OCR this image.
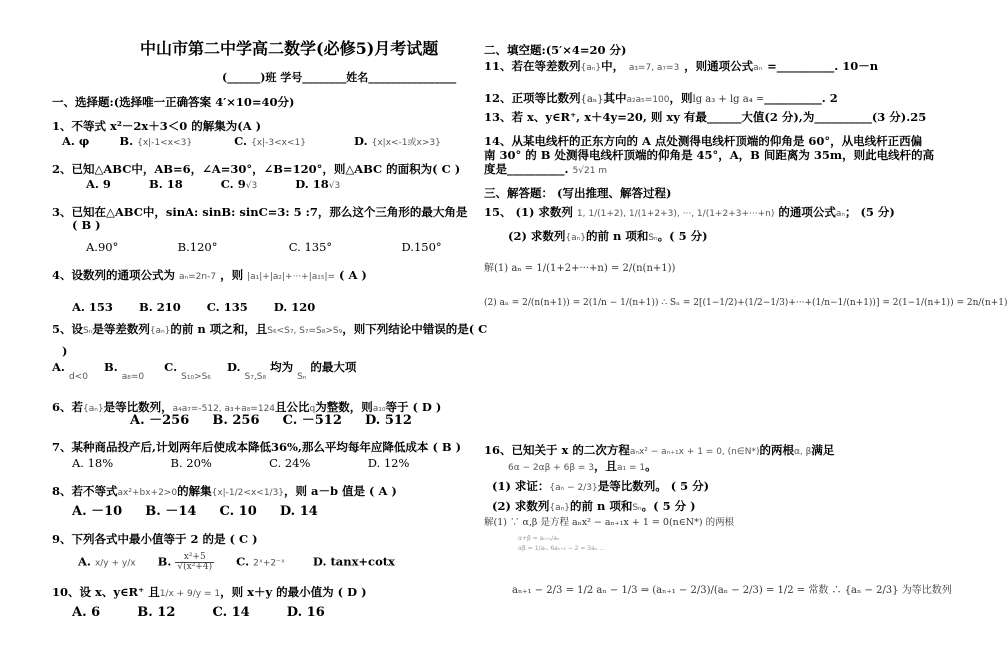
中山市第二中学高二数学(必修5)月考试题
(______)班 学号________姓名________________
一、选择题:(选择唯一正确答案 4′×10=40分)
1、不等式 x²－2x＋3＜0 的解集为(A )
A. φ	B. {x|-1<x<3}	C. {x|-3<x<1}	D. {x|x<-1或x>3}
2、已知△ABC中，AB=6，∠A=30°，∠B=120°，则△ABC 的面积为( C )
A. 9	B. 18	C. 9√3	D. 18√3
3、已知在△ABC中，sinA: sinB: sinC=3: 5 :7，那么这个三角形的最大角是
( B )
A.90°	B.120°	C. 135°	D.150°
4、设数列的通项公式为 aₙ=2n-7 ，则 |a₁|+|a₂|+···+|a₁₅|= ( A )
A. 153 B. 210 C. 135 D. 120
5、设Sₙ是等差数列{aₙ}的前 n 项之和，且S₆<S₇, S₇=S₈>S₉，则下列结论中错误的是( C
)
A. $_{d<0}$  B. $_{a_8=0}$  C. $_{S_{10}>S_6}$  D. $_{S_7,S_8}$ 均为 $_{S_n}$ 的最大项
6、若{aₙ}是等比数列，a₄a₇=-512, a₃+a₈=124且公比q为整数，则a₁₀等于 ( D )
A. －256 B. 256 C. －512 D. 512
7、某种商品投产后,计划两年后使成本降低36%,那么平均每年应降低成本 ( B )
A. 18%	B. 20%	C. 24%	D. 12%
8、若不等式ax²+bx+2>0的解集{x|-1/2<x<1/3}，则 a－b 值是 ( A )
A. －10 B. －14 C. 10 D. 14
9、下列各式中最小值等于 2 的是 ( C )
A. x/y + y/x B. $\frac{\text{x²+5}}{\text{√(x²+4)}} C$. 2ˣ+2⁻ˣ D. tanx+cotx
10、设 x、y∈R⁺ 且1/x + 9/y = 1，则 x＋y 的最小值为 ( D )
A. 6	B. 12	C. 14	D. 16
二、填空题:(5′×4=20 分)
11、若在等差数列{aₙ}中， a₃=7, a₇=3 ，则通项公式aₙ =__________. 10－n
12、正项等比数列{aₙ}其中a₂a₅=100，则lg a₃ + lg a₄ =__________. 2
13、若 x、y∈R⁺, x＋4y=20, 则 xy 有最______大值(2 分),为__________(3 分).25
14、从某电线杆的正东方向的 A 点处测得电线杆顶端的仰角是 60°，从电线杆正西偏
南 30° 的 B 处测得电线杆顶端的仰角是 45°，A，B 间距离为 35m，则此电线杆的高
度是__________. 5√21 m
三、解答题： (写出推理、解答过程)
15、 (1) 求数列 1, 1/(1+2), 1/(1+2+3), ···, 1/(1+2+3+···+n) 的通项公式aₙ； (5 分)
(2) 求数列{aₙ}的前 n 项和Sₙ。( 5 分)
解(1) aₙ = 1/(1+2+···+n) = 2/(n(n+1))
(2) aₙ = 2/(n(n+1)) = 2(1/n − 1/(n+1)) ∴ Sₙ = 2[(1−1/2)+(1/2−1/3)+···+(1/n−1/(n+1))] = 2(1−1/(n+1)) = 2n/(n+1)
16、已知关于 x 的二次方程aₙx² − aₙ₊₁x + 1 = 0, (n∈N*)的两根α, β满足
6α − 2αβ + 6β = 3，且a₁ = 1。
(1) 求证：{aₙ − 2/3}是等比数列。 ( 5 分)
(2) 求数列{aₙ}的前 n 项和Sₙ。( 5 分 )
解(1) ∵ α,β 是方程 aₙx² − aₙ₊₁x + 1 = 0(n∈N*) 的两根
α+β = aₙ₊₁/aₙ
αβ = 1/aₙ, 6aₙ₊₁ − 2 = 3aₙ ...
aₙ₊₁ − 2/3 = 1/2 aₙ − 1/3 ⇒ (aₙ₊₁ − 2/3)/(aₙ − 2/3) = 1/2 = 常数 ∴ {aₙ − 2/3} 为等比数列
